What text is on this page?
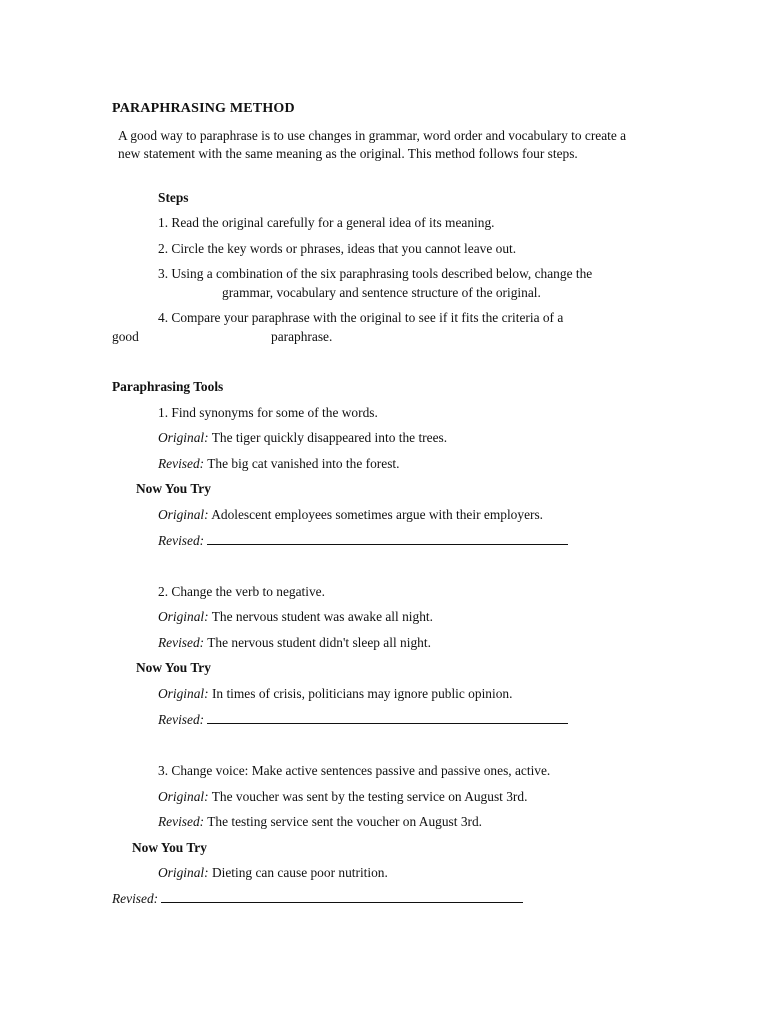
PARAPHRASING METHOD
A good way to paraphrase is to use changes in grammar, word order and vocabulary to create a new statement with the same meaning as the original. This method follows four steps.
Steps
1. Read the original carefully for a general idea of its meaning.
2. Circle the key words or phrases, ideas that you cannot leave out.
3. Using a combination of the six paraphrasing tools described below, change the
grammar, vocabulary and sentence structure of the original.
4. Compare your paraphrase with the original to see if it fits the criteria of a
good	paraphrase.
Paraphrasing Tools
1. Find synonyms for some of the words.
Original: The tiger quickly disappeared into the trees.
Revised: The big cat vanished into the forest.
Now You Try
Original: Adolescent employees sometimes argue with their employers.
Revised:
2. Change the verb to negative.
Original: The nervous student was awake all night.
Revised: The nervous student didn't sleep all night.
Now You Try
Original: In times of crisis, politicians may ignore public opinion.
Revised:
3. Change voice: Make active sentences passive and passive ones, active.
Original: The voucher was sent by the testing service on August 3rd.
Revised: The testing service sent the voucher on August 3rd.
Now You Try
Original: Dieting can cause poor nutrition.
Revised:
